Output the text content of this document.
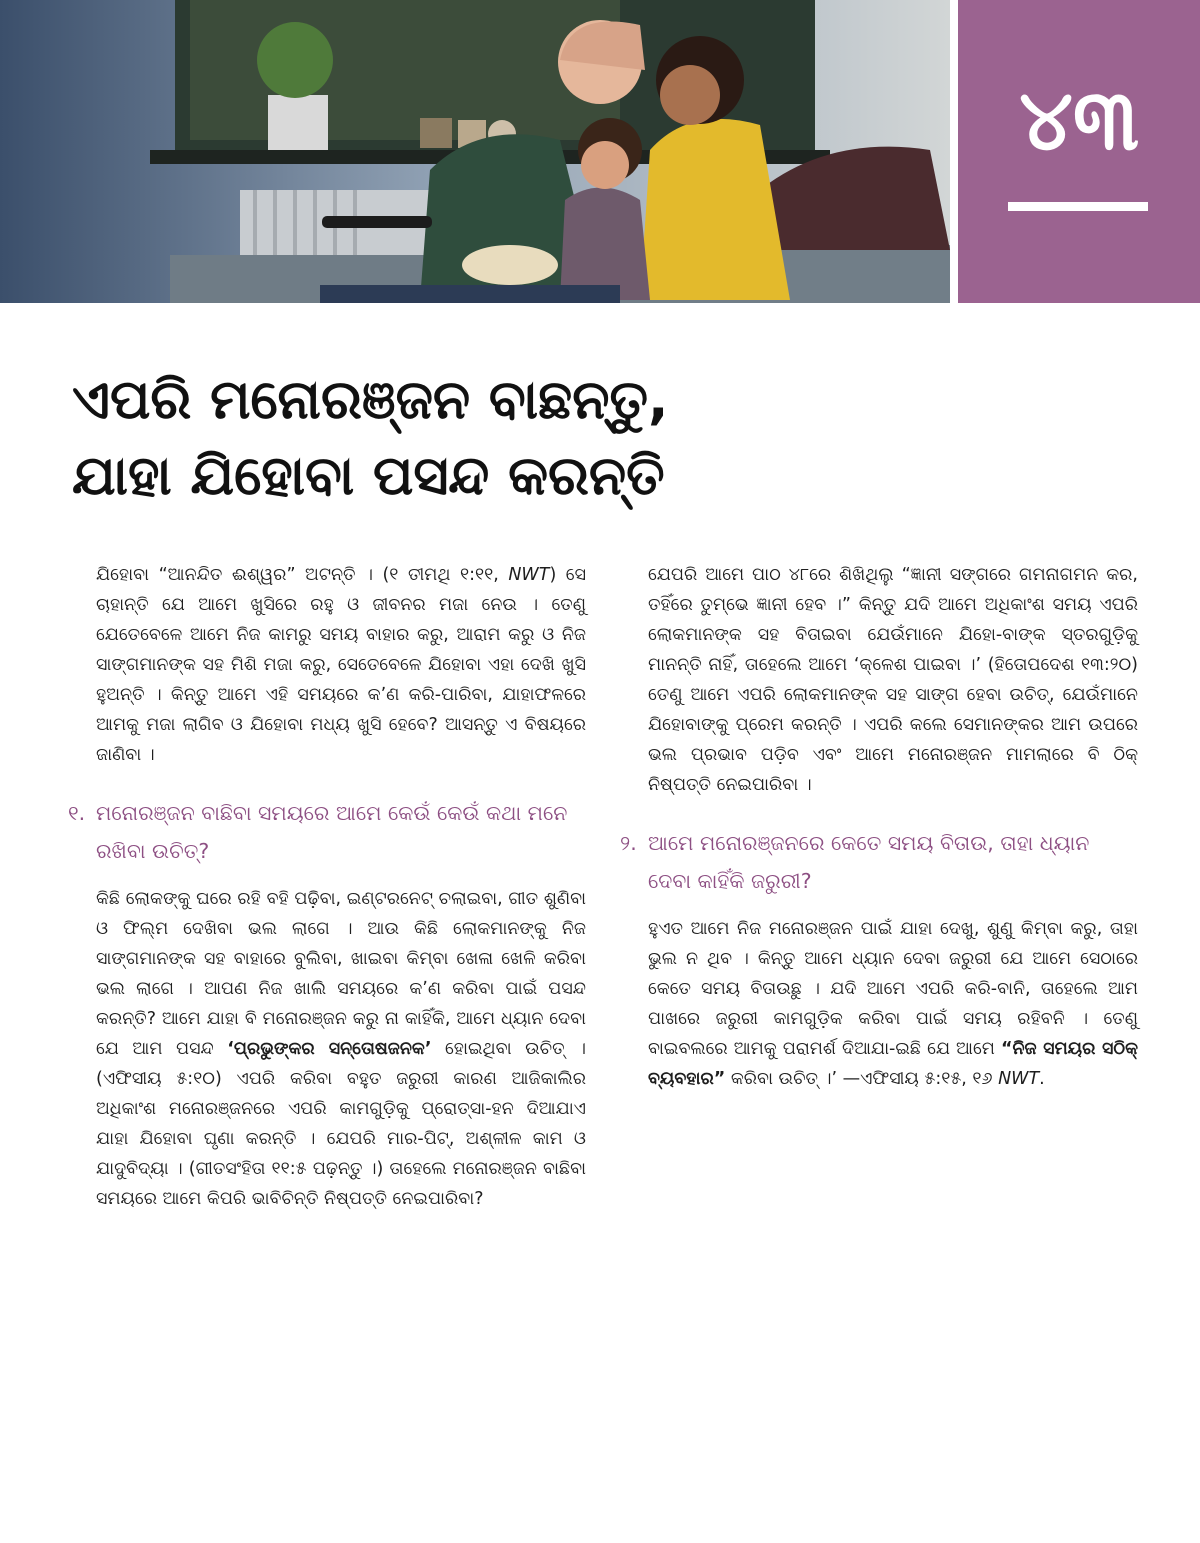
୪୩
ଏପରି ମନୋରଞ୍ଜନ ବାଛନ୍ତୁ,
ଯାହା ଯିହୋବା ପସନ୍ଦ କରନ୍ତି

ଯିହୋବା “ଆନନ୍ଦିତ ଈଶ୍ୱର” ଅଟନ୍ତି । (୧ ତୀମଥି ୧:୧୧, NWT) ସେ ଚାହାନ୍ତି ଯେ ଆମେ ଖୁସିରେ ରହୁ ଓ ଜୀବନର ମଜା ନେଉ । ତେଣୁ ଯେତେବେଳେ ଆମେ ନିଜ କାମରୁ ସମୟ ବାହାର କରୁ, ଆରାମ କରୁ ଓ ନିଜ ସାଙ୍ଗମାନଙ୍କ ସହ ମିଶି ମଜା କରୁ, ସେତେବେଳେ ଯିହୋବା ଏହା ଦେଖି ଖୁସି ହୁଅନ୍ତି । କିନ୍ତୁ ଆମେ ଏହି ସମୟରେ କʼଣ କରି-ପାରିବା, ଯାହାଫଳରେ ଆମକୁ ମଜା ଲାଗିବ ଓ ଯିହୋବା ମଧ୍ୟ ଖୁସି ହେବେ? ଆସନ୍ତୁ ଏ ବିଷୟରେ ଜାଣିବା ।

୧. ମନୋରଞ୍ଜନ ବାଛିବା ସମୟରେ ଆମେ କେଉଁ କେଉଁ କଥା ମନେ ରଖିବା ଉଚିତ୍?

କିଛି ଲୋକଙ୍କୁ ଘରେ ରହି ବହି ପଢ଼ିବା, ଇଣ୍ଟରନେଟ୍ ଚଲାଇବା, ଗୀତ ଶୁଣିବା ଓ ଫିଲ୍ମ ଦେଖିବା ଭଲ ଲାଗେ । ଆଉ କିଛି ଲୋକମାନଙ୍କୁ ନିଜ ସାଙ୍ଗମାନଙ୍କ ସହ ବାହାରେ ବୁଲିବା, ଖାଇବା କିମ୍ବା ଖେଳା ଖେଳି କରିବା ଭଲ ଲାଗେ । ଆପଣ ନିଜ ଖାଲି ସମୟରେ କʼଣ କରିବା ପାଇଁ ପସନ୍ଦ କରନ୍ତି? ଆମେ ଯାହା ବି ମନୋରଞ୍ଜନ କରୁ ନା କାହିଁକି, ଆମେ ଧ୍ୟାନ ଦେବା ଯେ ଆମ ପସନ୍ଦ ‘ପ୍ରଭୁଙ୍କର ସନ୍ତୋଷଜନକ’ ହୋଇଥିବା ଉଚିତ୍ । (ଏଫିସୀୟ ୫:୧୦) ଏପରି କରିବା ବହୁତ ଜରୁରୀ କାରଣ ଆଜିକାଲିର ଅଧିକାଂଶ ମନୋରଞ୍ଜନରେ ଏପରି କାମଗୁଡ଼ିକୁ ପ୍ରୋତ୍ସା-ହନ ଦିଆଯାଏ ଯାହା ଯିହୋବା ଘୃଣା କରନ୍ତି । ଯେପରି ମାର-ପିଟ୍, ଅଶ୍ଳୀଳ କାମ ଓ ଯାଦୁବିଦ୍ୟା । (ଗୀତସଂହିତା ୧୧:୫ ପଢ଼ନ୍ତୁ ।) ତାହେଲେ ମନୋରଞ୍ଜନ ବାଛିବା ସମୟରେ ଆମେ କିପରି ଭାବିଚିନ୍ତି ନିଷ୍ପତ୍ତି ନେଇପାରିବା?

ଯେପରି ଆମେ ପାଠ ୪୮ରେ ଶିଖିଥିଲୁ “ଜ୍ଞାନୀ ସଙ୍ଗରେ ଗମନାଗମନ କର, ତହିଁରେ ତୁମ୍ଭେ ଜ୍ଞାନୀ ହେବ ।” କିନ୍ତୁ ଯଦି ଆମେ ଅଧିକାଂଶ ସମୟ ଏପରି ଲୋକମାନଙ୍କ ସହ ବିତାଇବା ଯେଉଁମାନେ ଯିହୋ-ବାଙ୍କ ସ୍ତରଗୁଡ଼ିକୁ ମାନନ୍ତି ନାହିଁ, ତାହେଲେ ଆମେ ‘କ୍ଳେଶ ପାଇବା ।’ (ହିତୋପଦେଶ ୧୩:୨୦) ତେଣୁ ଆମେ ଏପରି ଲୋକମାନଙ୍କ ସହ ସାଙ୍ଗ ହେବା ଉଚିତ୍, ଯେଉଁମାନେ ଯିହୋବାଙ୍କୁ ପ୍ରେମ କରନ୍ତି । ଏପରି କଲେ ସେମାନଙ୍କର ଆମ ଉପରେ ଭଲ ପ୍ରଭାବ ପଡ଼ିବ ଏବଂ ଆମେ ମନୋରଞ୍ଜନ ମାମଲାରେ ବି ଠିକ୍ ନିଷ୍ପତ୍ତି ନେଇପାରିବା ।

୨. ଆମେ ମନୋରଞ୍ଜନରେ କେତେ ସମୟ ବିତାଉ, ତାହା ଧ୍ୟାନ ଦେବା କାହିଁକି ଜରୁରୀ?

ହୁଏତ ଆମେ ନିଜ ମନୋରଞ୍ଜନ ପାଇଁ ଯାହା ଦେଖୁ, ଶୁଣୁ କିମ୍ବା କରୁ, ତାହା ଭୁଲ ନ ଥିବ । କିନ୍ତୁ ଆମେ ଧ୍ୟାନ ଦେବା ଜରୁରୀ ଯେ ଆମେ ସେଠାରେ କେତେ ସମୟ ବିତାଉଛୁ । ଯଦି ଆମେ ଏପରି କରି-ବାନି, ତାହେଲେ ଆମ ପାଖରେ ଜରୁରୀ କାମଗୁଡ଼ିକ କରିବା ପାଇଁ ସମୟ ରହିବନି । ତେଣୁ ବାଇବଲରେ ଆମକୁ ପରାମର୍ଶ ଦିଆଯା-ଇଛି ଯେ ଆମେ “ନିଜ ସମୟର ସଠିକ୍ ବ୍ୟବହାର” କରିବା ଉଚିତ୍ ।’ —ଏଫିସୀୟ ୫:୧୫, ୧୬ NWT.
